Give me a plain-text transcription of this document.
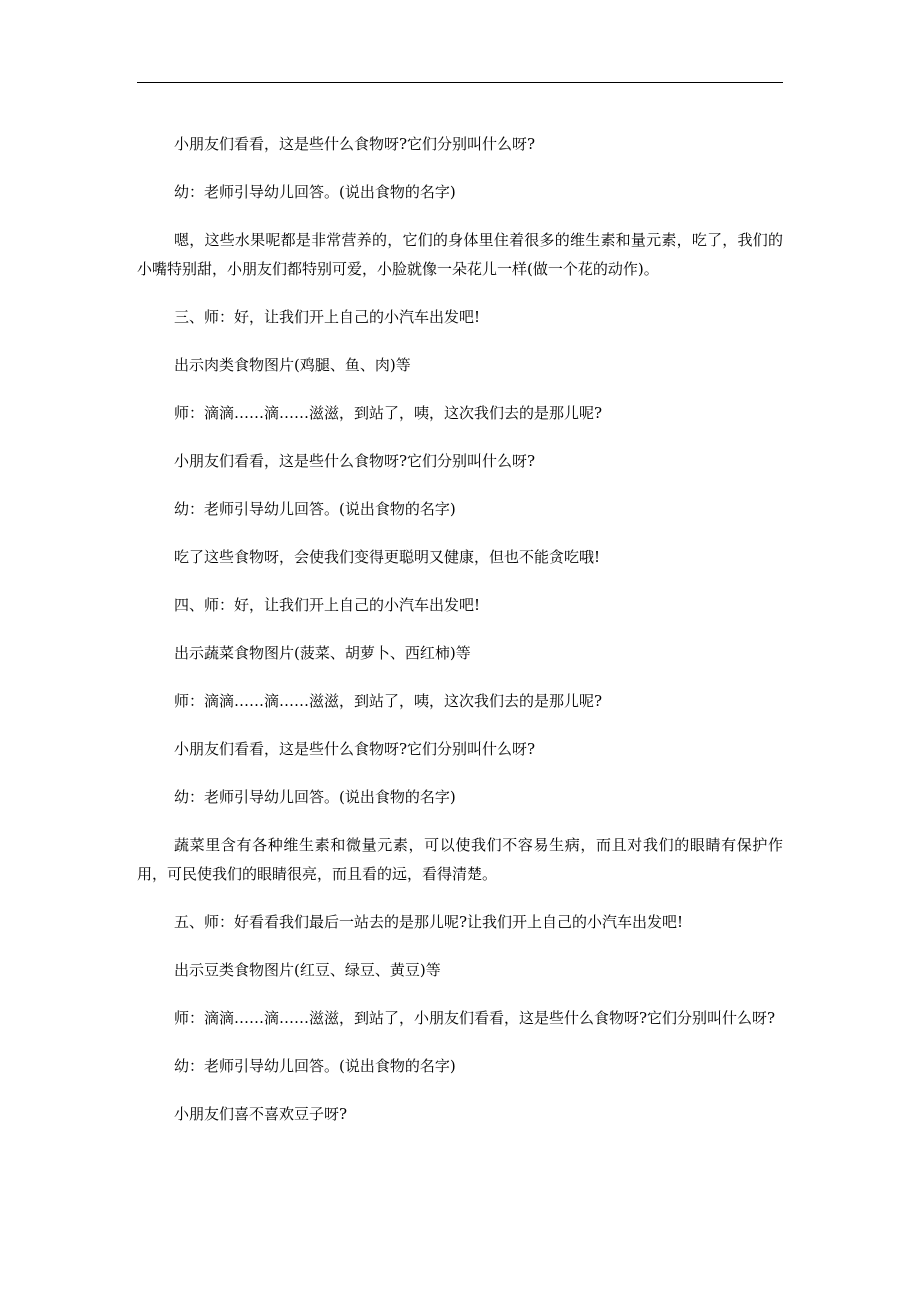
小朋友们看看，这是些什么食物呀?它们分别叫什么呀?

幼：老师引导幼儿回答。(说出食物的名字)

嗯，这些水果呢都是非常营养的，它们的身体里住着很多的维生素和量元素，吃了，我们的小嘴特别甜，小朋友们都特别可爱，小脸就像一朵花儿一样(做一个花的动作)。

三、师：好，让我们开上自己的小汽车出发吧!

出示肉类食物图片(鸡腿、鱼、肉)等

师：滴滴……滴……滋滋，到站了，咦，这次我们去的是那儿呢?

小朋友们看看，这是些什么食物呀?它们分别叫什么呀?

幼：老师引导幼儿回答。(说出食物的名字)

吃了这些食物呀，会使我们变得更聪明又健康，但也不能贪吃哦!

四、师：好，让我们开上自己的小汽车出发吧!

出示蔬菜食物图片(菠菜、胡萝卜、西红柿)等

师：滴滴……滴……滋滋，到站了，咦，这次我们去的是那儿呢?

小朋友们看看，这是些什么食物呀?它们分别叫什么呀?

幼：老师引导幼儿回答。(说出食物的名字)

蔬菜里含有各种维生素和微量元素，可以使我们不容易生病，而且对我们的眼睛有保护作用，可民使我们的眼睛很亮，而且看的远，看得清楚。

五、师：好看看我们最后一站去的是那儿呢?让我们开上自己的小汽车出发吧!

出示豆类食物图片(红豆、绿豆、黄豆)等

师：滴滴……滴……滋滋，到站了，小朋友们看看，这是些什么食物呀?它们分别叫什么呀?

幼：老师引导幼儿回答。(说出食物的名字)

小朋友们喜不喜欢豆子呀?
